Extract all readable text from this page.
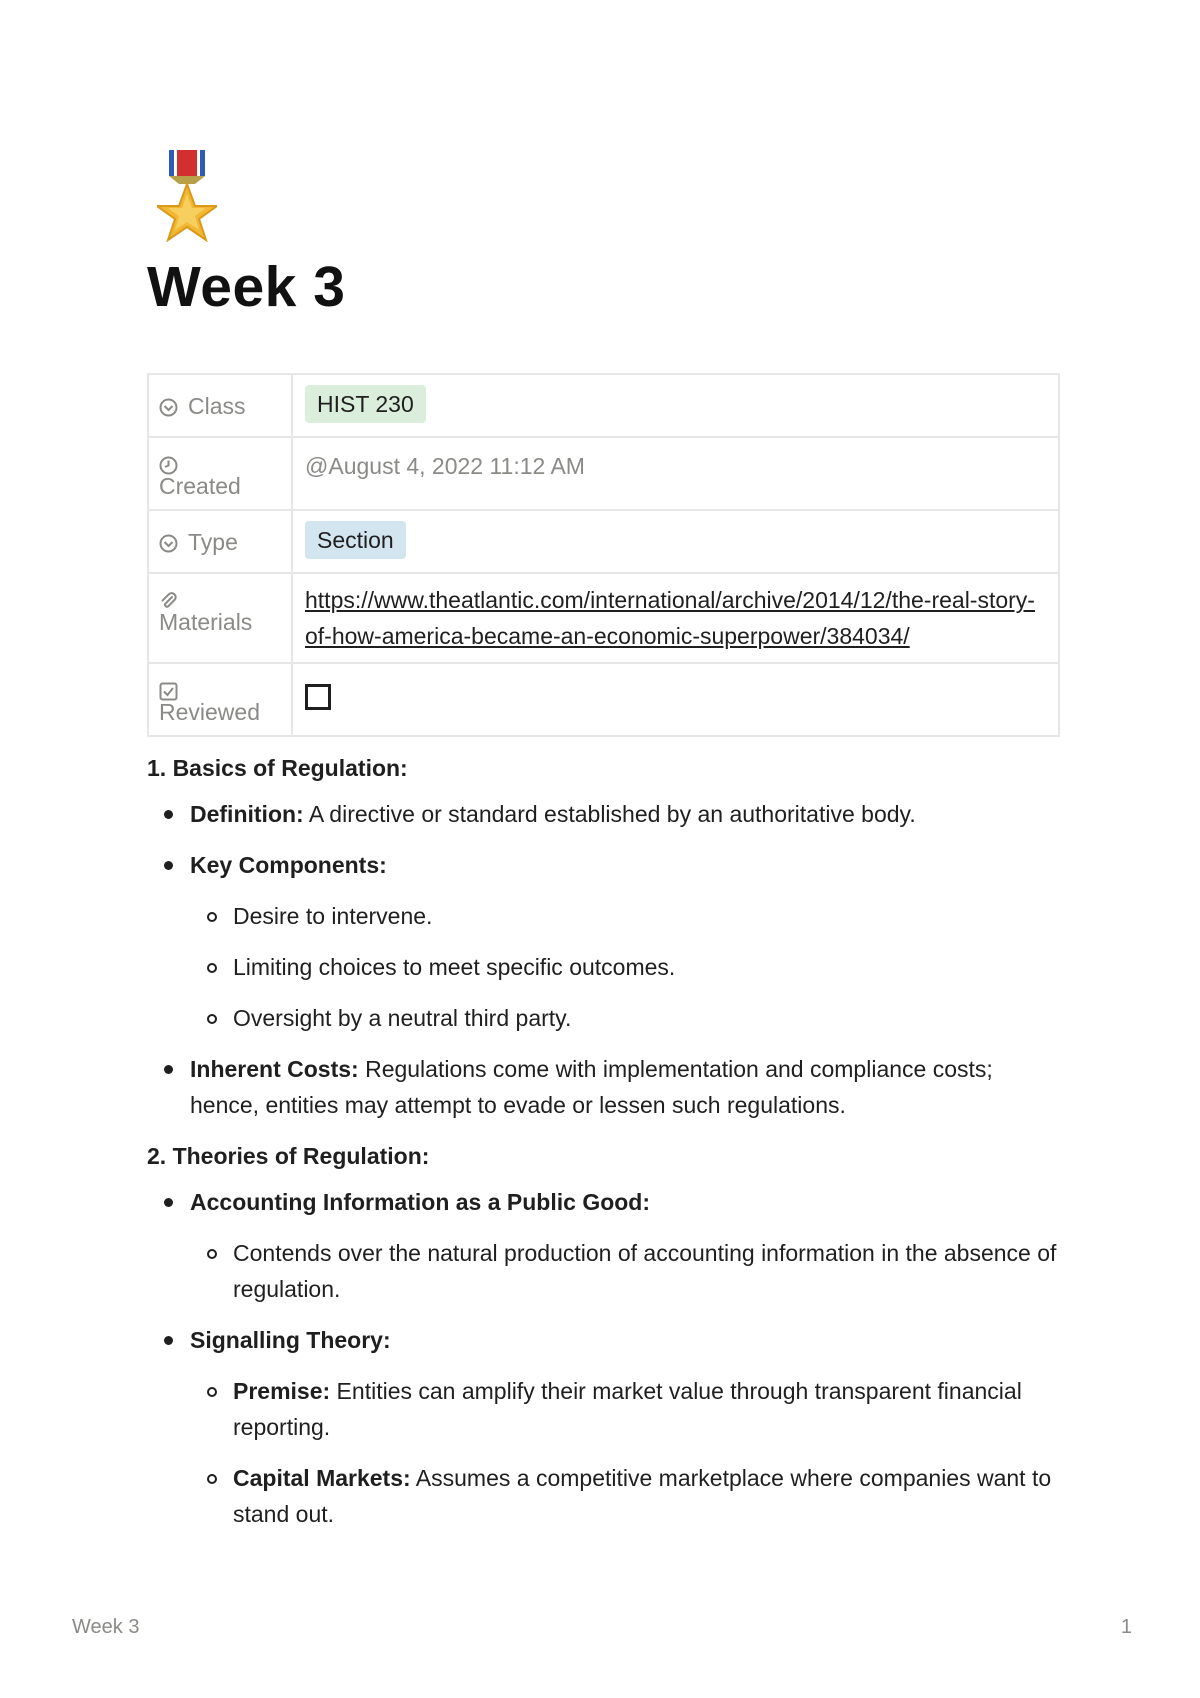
Week 3
Class	HIST 230

Created	@August 4, 2022 11:12 AM
Type	Section

Materials	https://www.theatlantic.com/international/archive/2014/12/the-real-story-of-how-america-became-an-economic-superpower/384034/

Reviewed	

1. Basics of Regulation:

Definition: A directive or standard established by an authoritative body.
Key Components:
Desire to intervene.
Limiting choices to meet specific outcomes.
Oversight by a neutral third party.
Inherent Costs: Regulations come with implementation and compliance costs; hence, entities may attempt to evade or lessen such regulations.

2. Theories of Regulation:

Accounting Information as a Public Good:
Contends over the natural production of accounting information in the absence of regulation.
Signalling Theory:
Premise: Entities can amplify their market value through transparent financial reporting.
Capital Markets: Assumes a competitive marketplace where companies want to stand out.
Week 3	1
